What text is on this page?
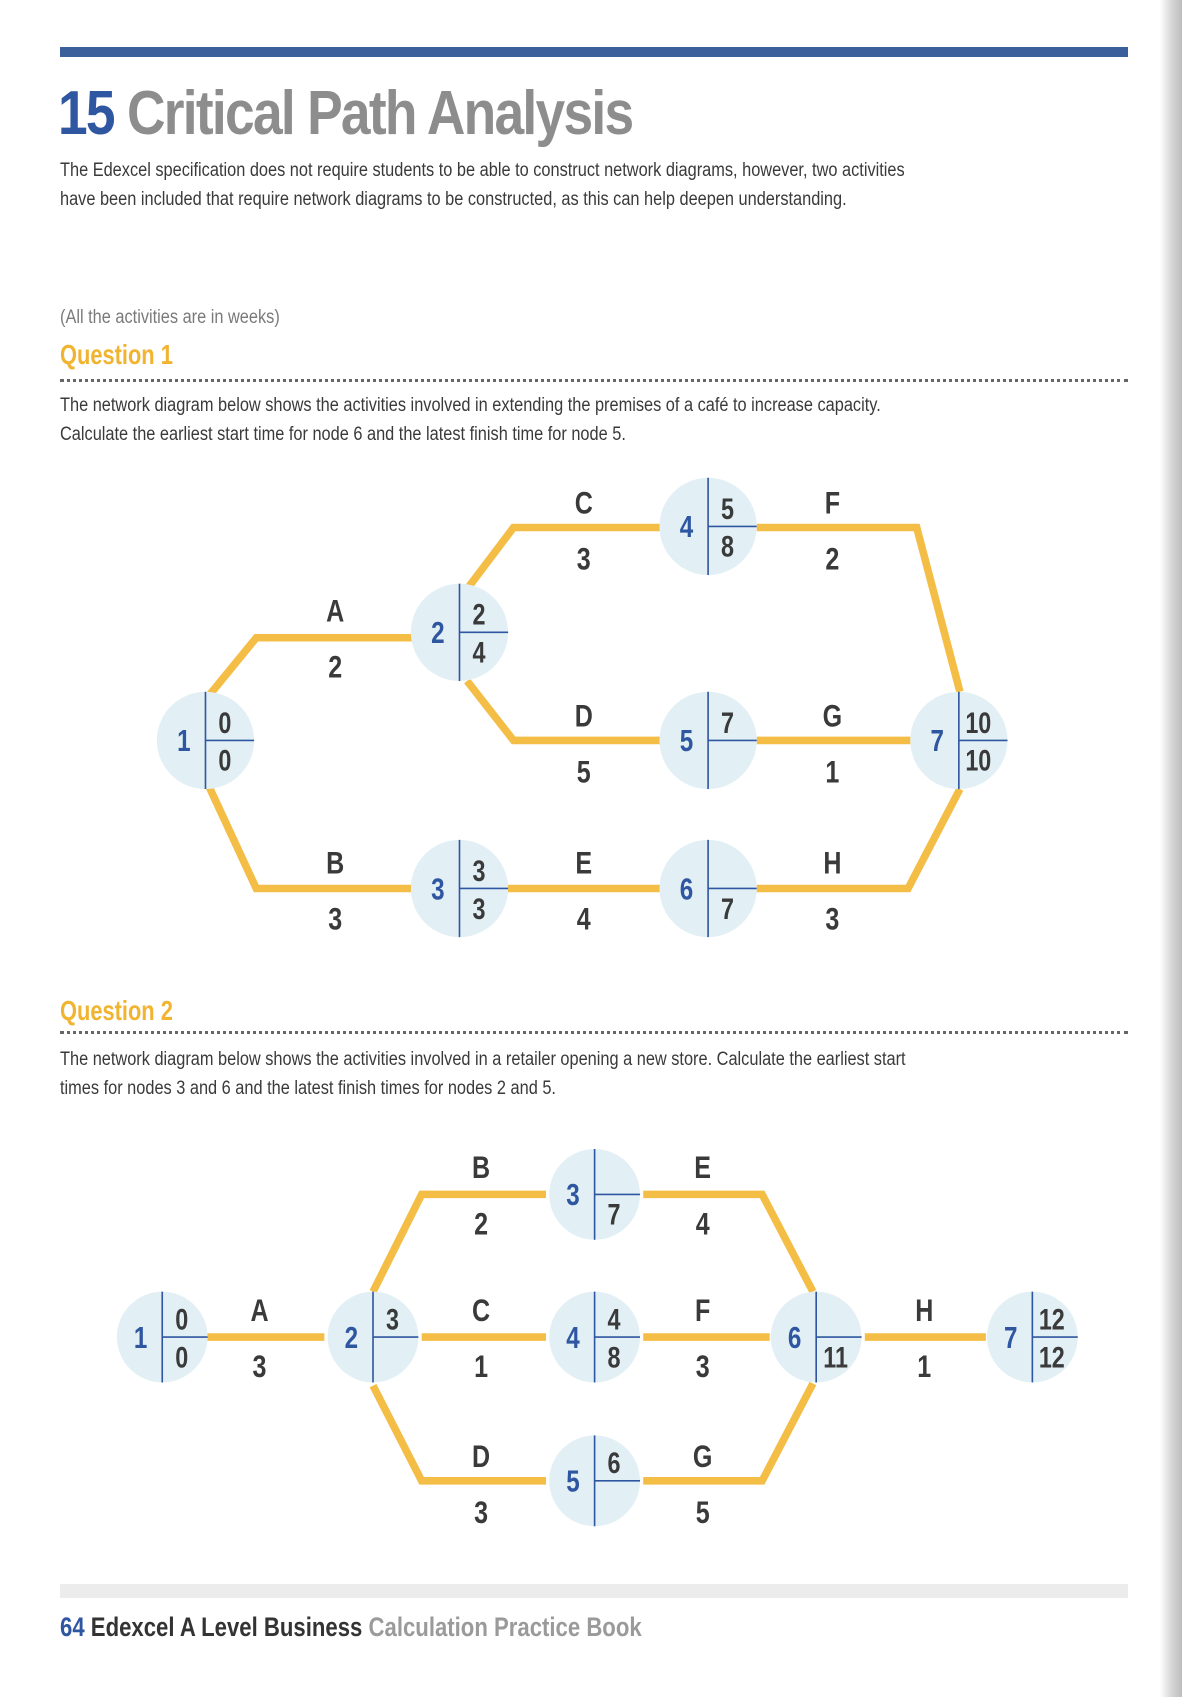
15 Critical Path Analysis
The Edexcel specification does not require students to be able to construct network diagrams, however, two activities
have been included that require network diagrams to be constructed, as this can help deepen understanding.
(All the activities are in weeks)
Question 1
The network diagram below shows the activities involved in extending the premises of a café to increase capacity.
Calculate the earliest start time for node 6 and the latest finish time for node 5.
Question 2
The network diagram below shows the activities involved in a retailer opening a new store. Calculate the earliest start
times for nodes 3 and 6 and the latest finish times for nodes 2 and 5.
A
2
B
3
C
3
D
5
E
4
F
2
G
1
H
3
1
0
0
2
2
4
3
3
3
4
5
8
5
7
6
7
7
10
10
A
3
B
2
C
1
D
3
E
4
F
3
G
5
H
1
1
0
0
2
3
3
7
4
4
8
5
6
6
11
7
12
12
64 Edexcel A Level Business Calculation Practice Book
